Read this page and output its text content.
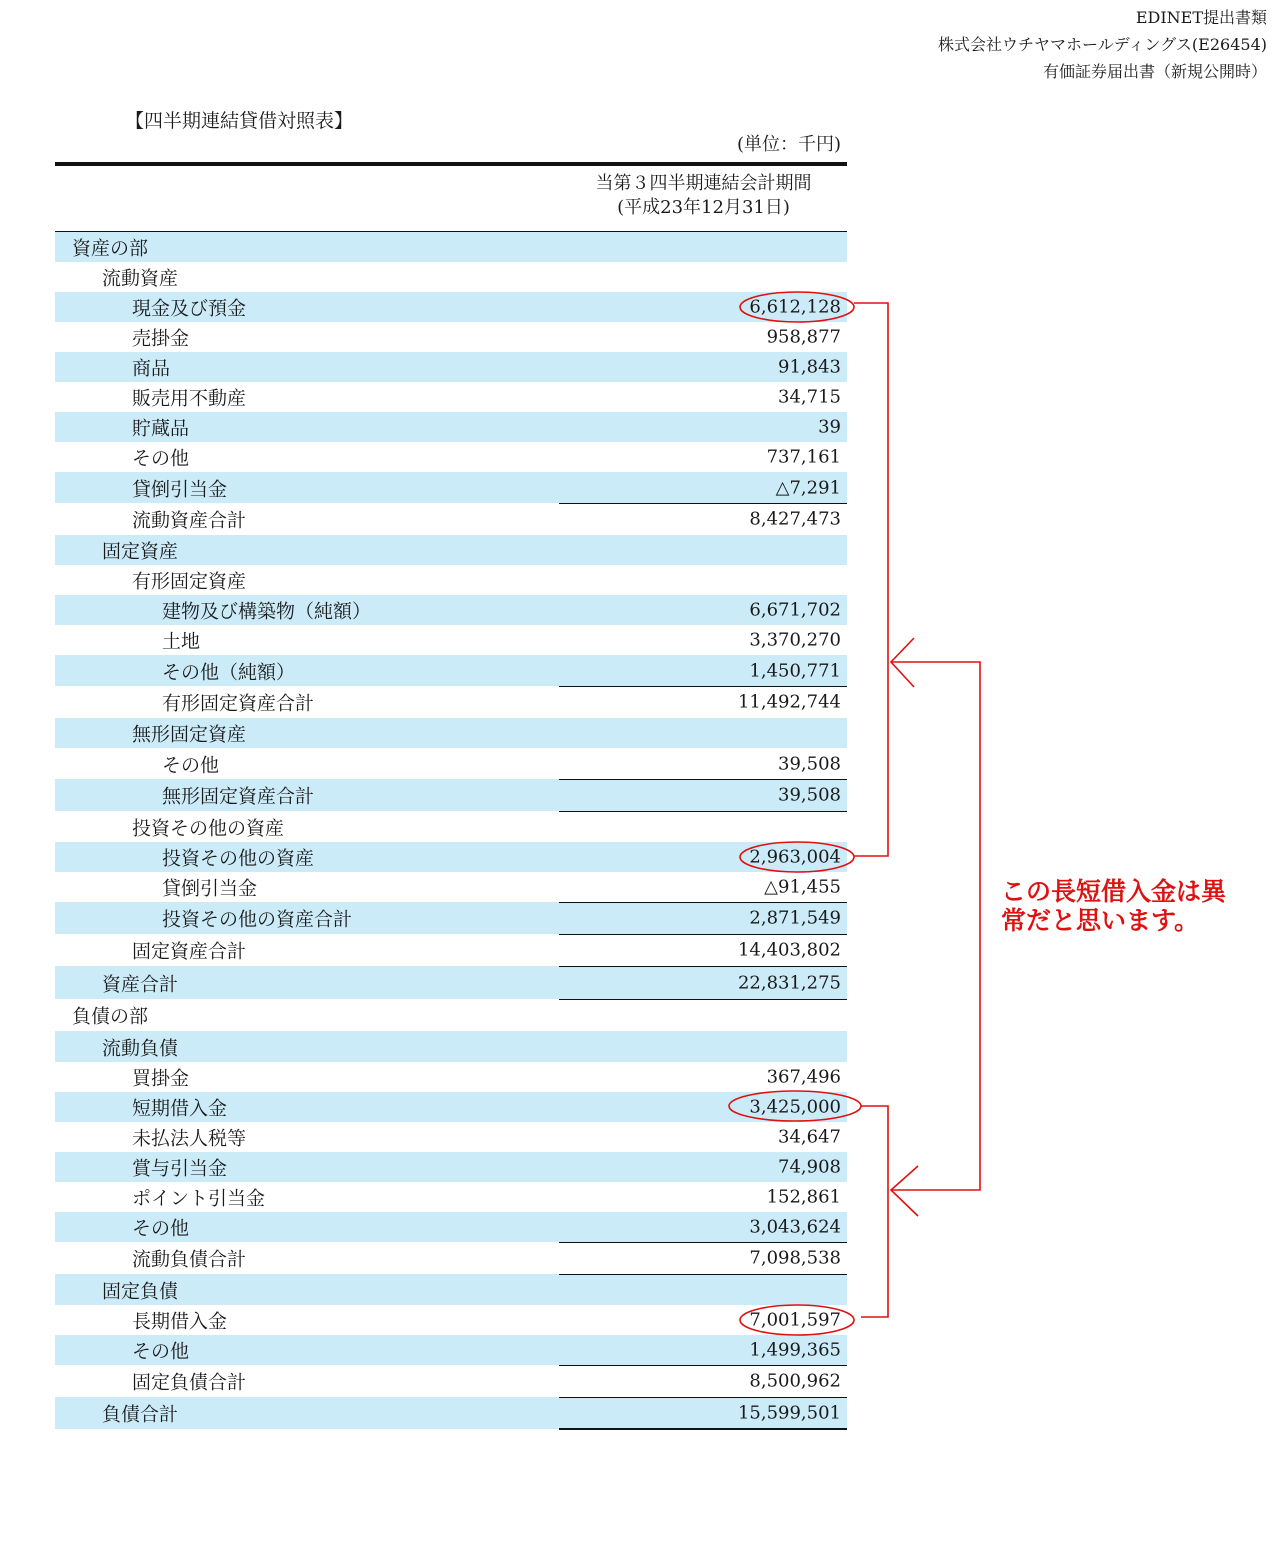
EDINET提出書類
株式会社ウチヤマホールディングス(E26454)
有価証券届出書（新規公開時）
【四半期連結貸借対照表】
(単位：千円)
当第３四半期連結会計期間
(平成23年12月31日)
資産の部
流動資産
現金及び預金	6,612,128
売掛金	958,877
商品	91,843
販売用不動産	34,715
貯蔵品	39
その他	737,161
貸倒引当金	△7,291
流動資産合計	8,427,473
固定資産
有形固定資産
建物及び構築物（純額）	6,671,702
土地	3,370,270
その他（純額）	1,450,771
有形固定資産合計	11,492,744
無形固定資産
その他	39,508
無形固定資産合計	39,508
投資その他の資産
投資その他の資産	2,963,004
貸倒引当金	△91,455
投資その他の資産合計	2,871,549
固定資産合計	14,403,802
資産合計	22,831,275
負債の部
流動負債
買掛金	367,496
短期借入金	3,425,000
未払法人税等	34,647
賞与引当金	74,908
ポイント引当金	152,861
その他	3,043,624
流動負債合計	7,098,538
固定負債
長期借入金	7,001,597
その他	1,499,365
固定負債合計	8,500,962
負債合計	15,599,501
この長短借入金は異
常だと思います。
